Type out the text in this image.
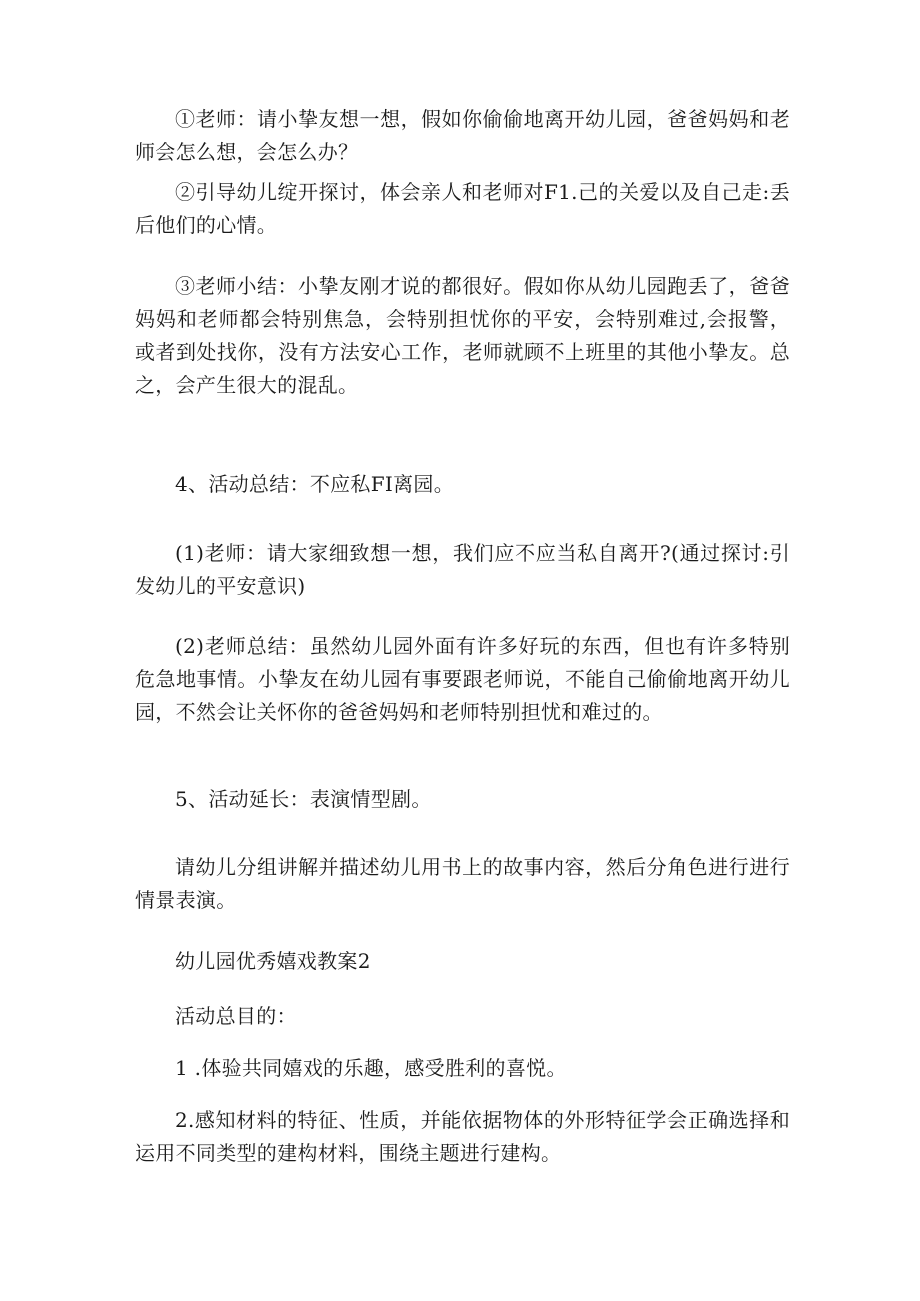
①老师：请小挚友想一想，假如你偷偷地离开幼儿园，爸爸妈妈和老师会怎么想，会怎么办？

②引导幼儿绽开探讨，体会亲人和老师对F1.己的关爱以及自己走:丢后他们的心情。

③老师小结：小挚友刚才说的都很好。假如你从幼儿园跑丢了，爸爸妈妈和老师都会特别焦急，会特别担忧你的平安，会特别难过,会报警，或者到处找你，没有方法安心工作，老师就顾不上班里的其他小挚友。总之，会产生很大的混乱。

4、活动总结：不应私FI离园。

(1)老师：请大家细致想一想，我们应不应当私自离开?(通过探讨:引发幼儿的平安意识)

(2)老师总结：虽然幼儿园外面有许多好玩的东西，但也有许多特别危急地事情。小挚友在幼儿园有事要跟老师说，不能自己偷偷地离开幼儿园，不然会让关怀你的爸爸妈妈和老师特别担忧和难过的。

5、活动延长：表演情型剧。

请幼儿分组讲解并描述幼儿用书上的故事内容，然后分角色进行进行情景表演。

幼儿园优秀嬉戏教案2

活动总目的：

1 .体验共同嬉戏的乐趣，感受胜利的喜悦。

2.感知材料的特征、性质，并能依据物体的外形特征学会正确选择和运用不同类型的建构材料，围绕主题进行建构。
